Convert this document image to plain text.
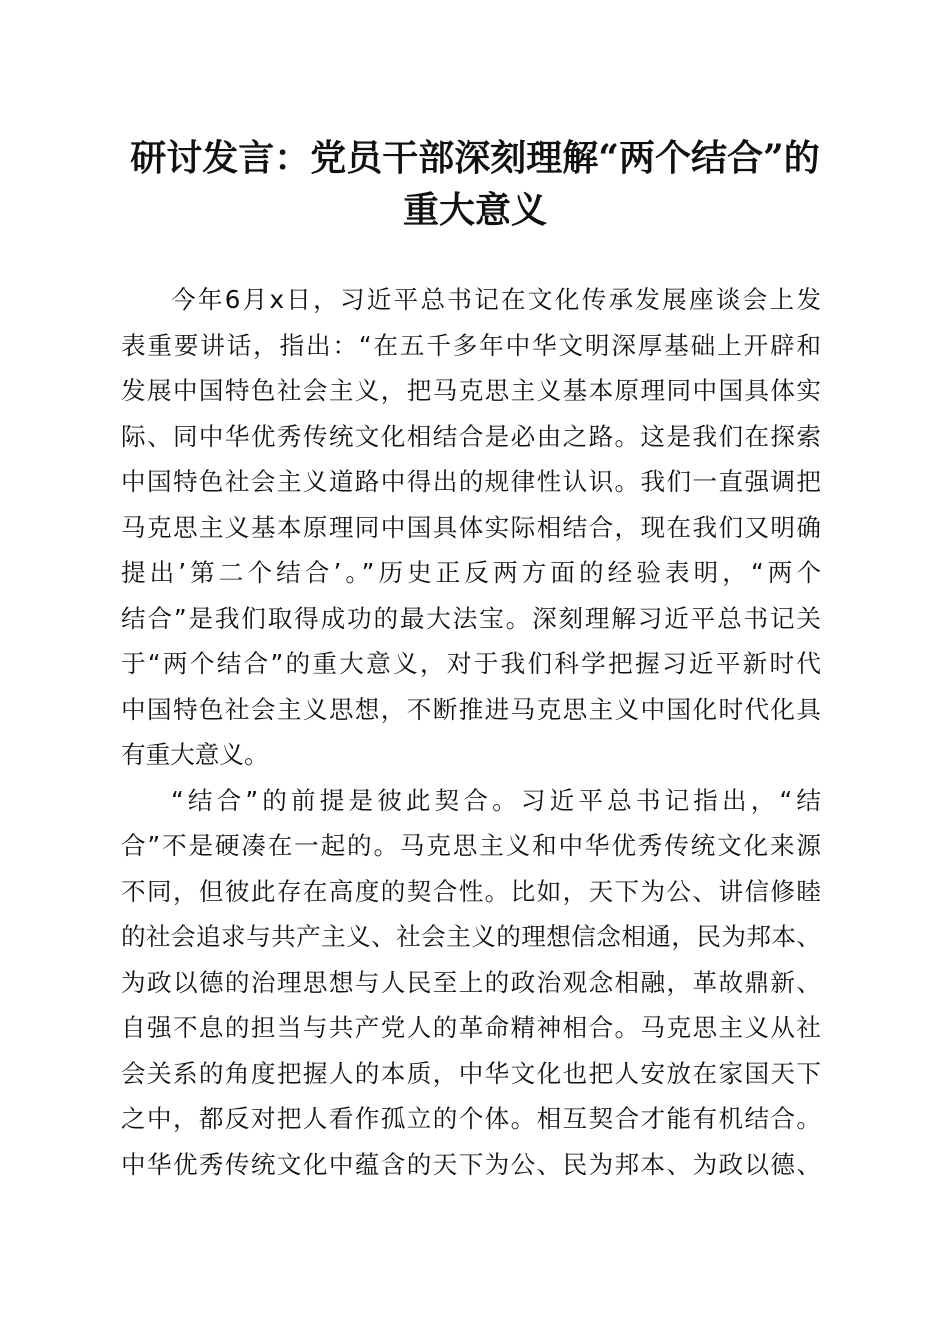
研讨发言：党员干部深刻理解“两个结合”的
重大意义
今年6月x日，习近平总书记在文化传承发展座谈会上发
表重要讲话，指出：“在五千多年中华文明深厚基础上开辟和
发展中国特色社会主义，把马克思主义基本原理同中国具体实
际、同中华优秀传统文化相结合是必由之路。这是我们在探索
中国特色社会主义道路中得出的规律性认识。我们一直强调把
马克思主义基本原理同中国具体实际相结合，现在我们又明确
提出’第二个结合’。”历史正反两方面的经验表明，“两个
结合”是我们取得成功的最大法宝。深刻理解习近平总书记关
于“两个结合”的重大意义，对于我们科学把握习近平新时代
中国特色社会主义思想，不断推进马克思主义中国化时代化具
有重大意义。
“结合”的前提是彼此契合。习近平总书记指出，“结
合”不是硬凑在一起的。马克思主义和中华优秀传统文化来源
不同，但彼此存在高度的契合性。比如，天下为公、讲信修睦
的社会追求与共产主义、社会主义的理想信念相通，民为邦本、
为政以德的治理思想与人民至上的政治观念相融，革故鼎新、
自强不息的担当与共产党人的革命精神相合。马克思主义从社
会关系的角度把握人的本质，中华文化也把人安放在家国天下
之中，都反对把人看作孤立的个体。相互契合才能有机结合。
中华优秀传统文化中蕴含的天下为公、民为邦本、为政以德、
